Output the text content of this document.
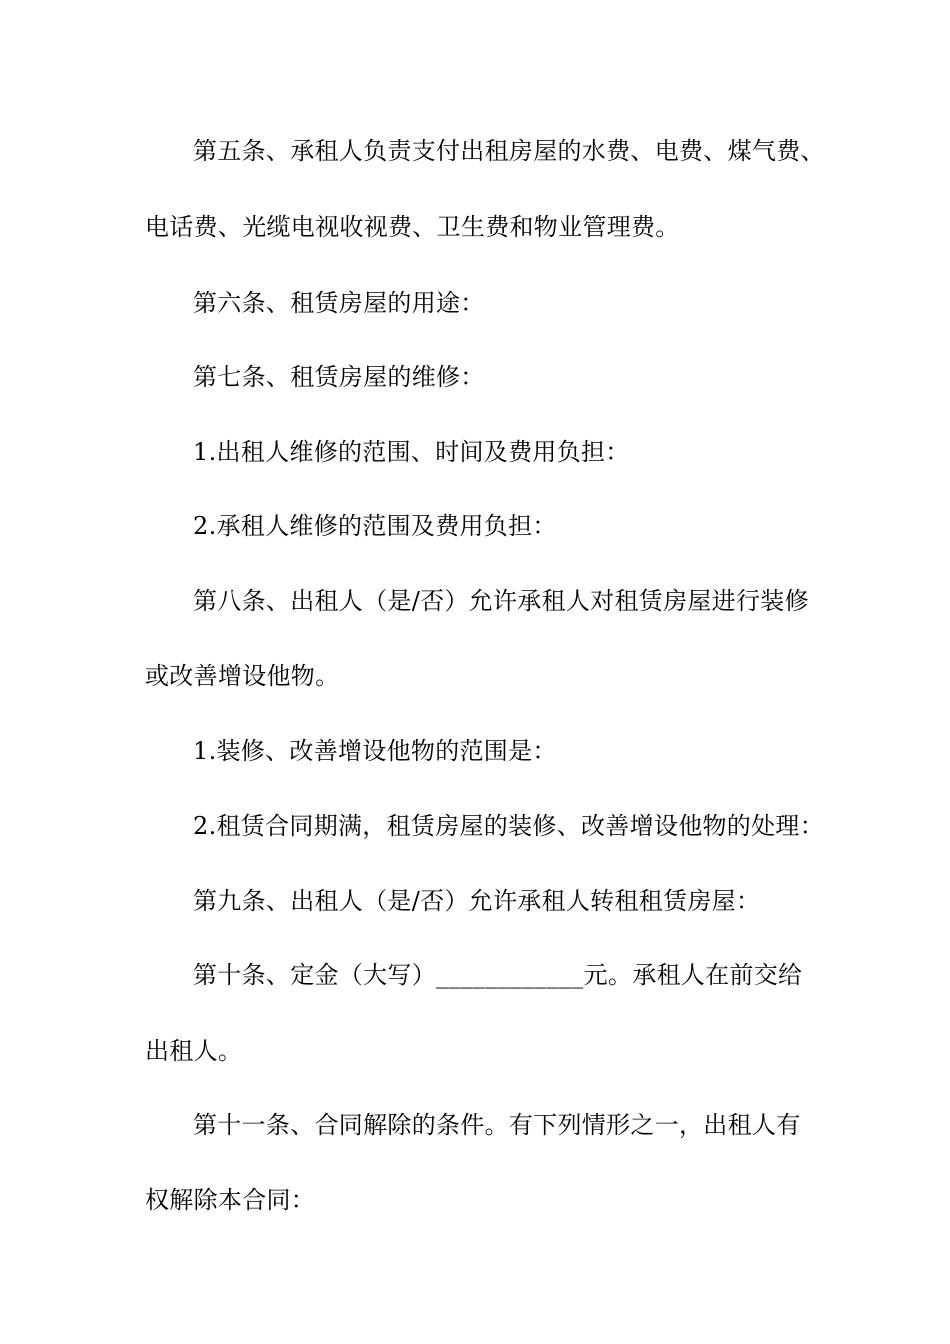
第五条、承租人负责支付出租房屋的水费、电费、煤气费、
电话费、光缆电视收视费、卫生费和物业管理费。
第六条、租赁房屋的用途：
第七条、租赁房屋的维修：
1.出租人维修的范围、时间及费用负担：
2.承租人维修的范围及费用负担：
第八条、出租人（是/否）允许承租人对租赁房屋进行装修
或改善增设他物。
1.装修、改善增设他物的范围是：
2.租赁合同期满，租赁房屋的装修、改善增设他物的处理：
第九条、出租人（是/否）允许承租人转租租赁房屋：
第十条、定金（大写）____________元。承租人在前交给
出租人。
第十一条、合同解除的条件。有下列情形之一，出租人有
权解除本合同：
